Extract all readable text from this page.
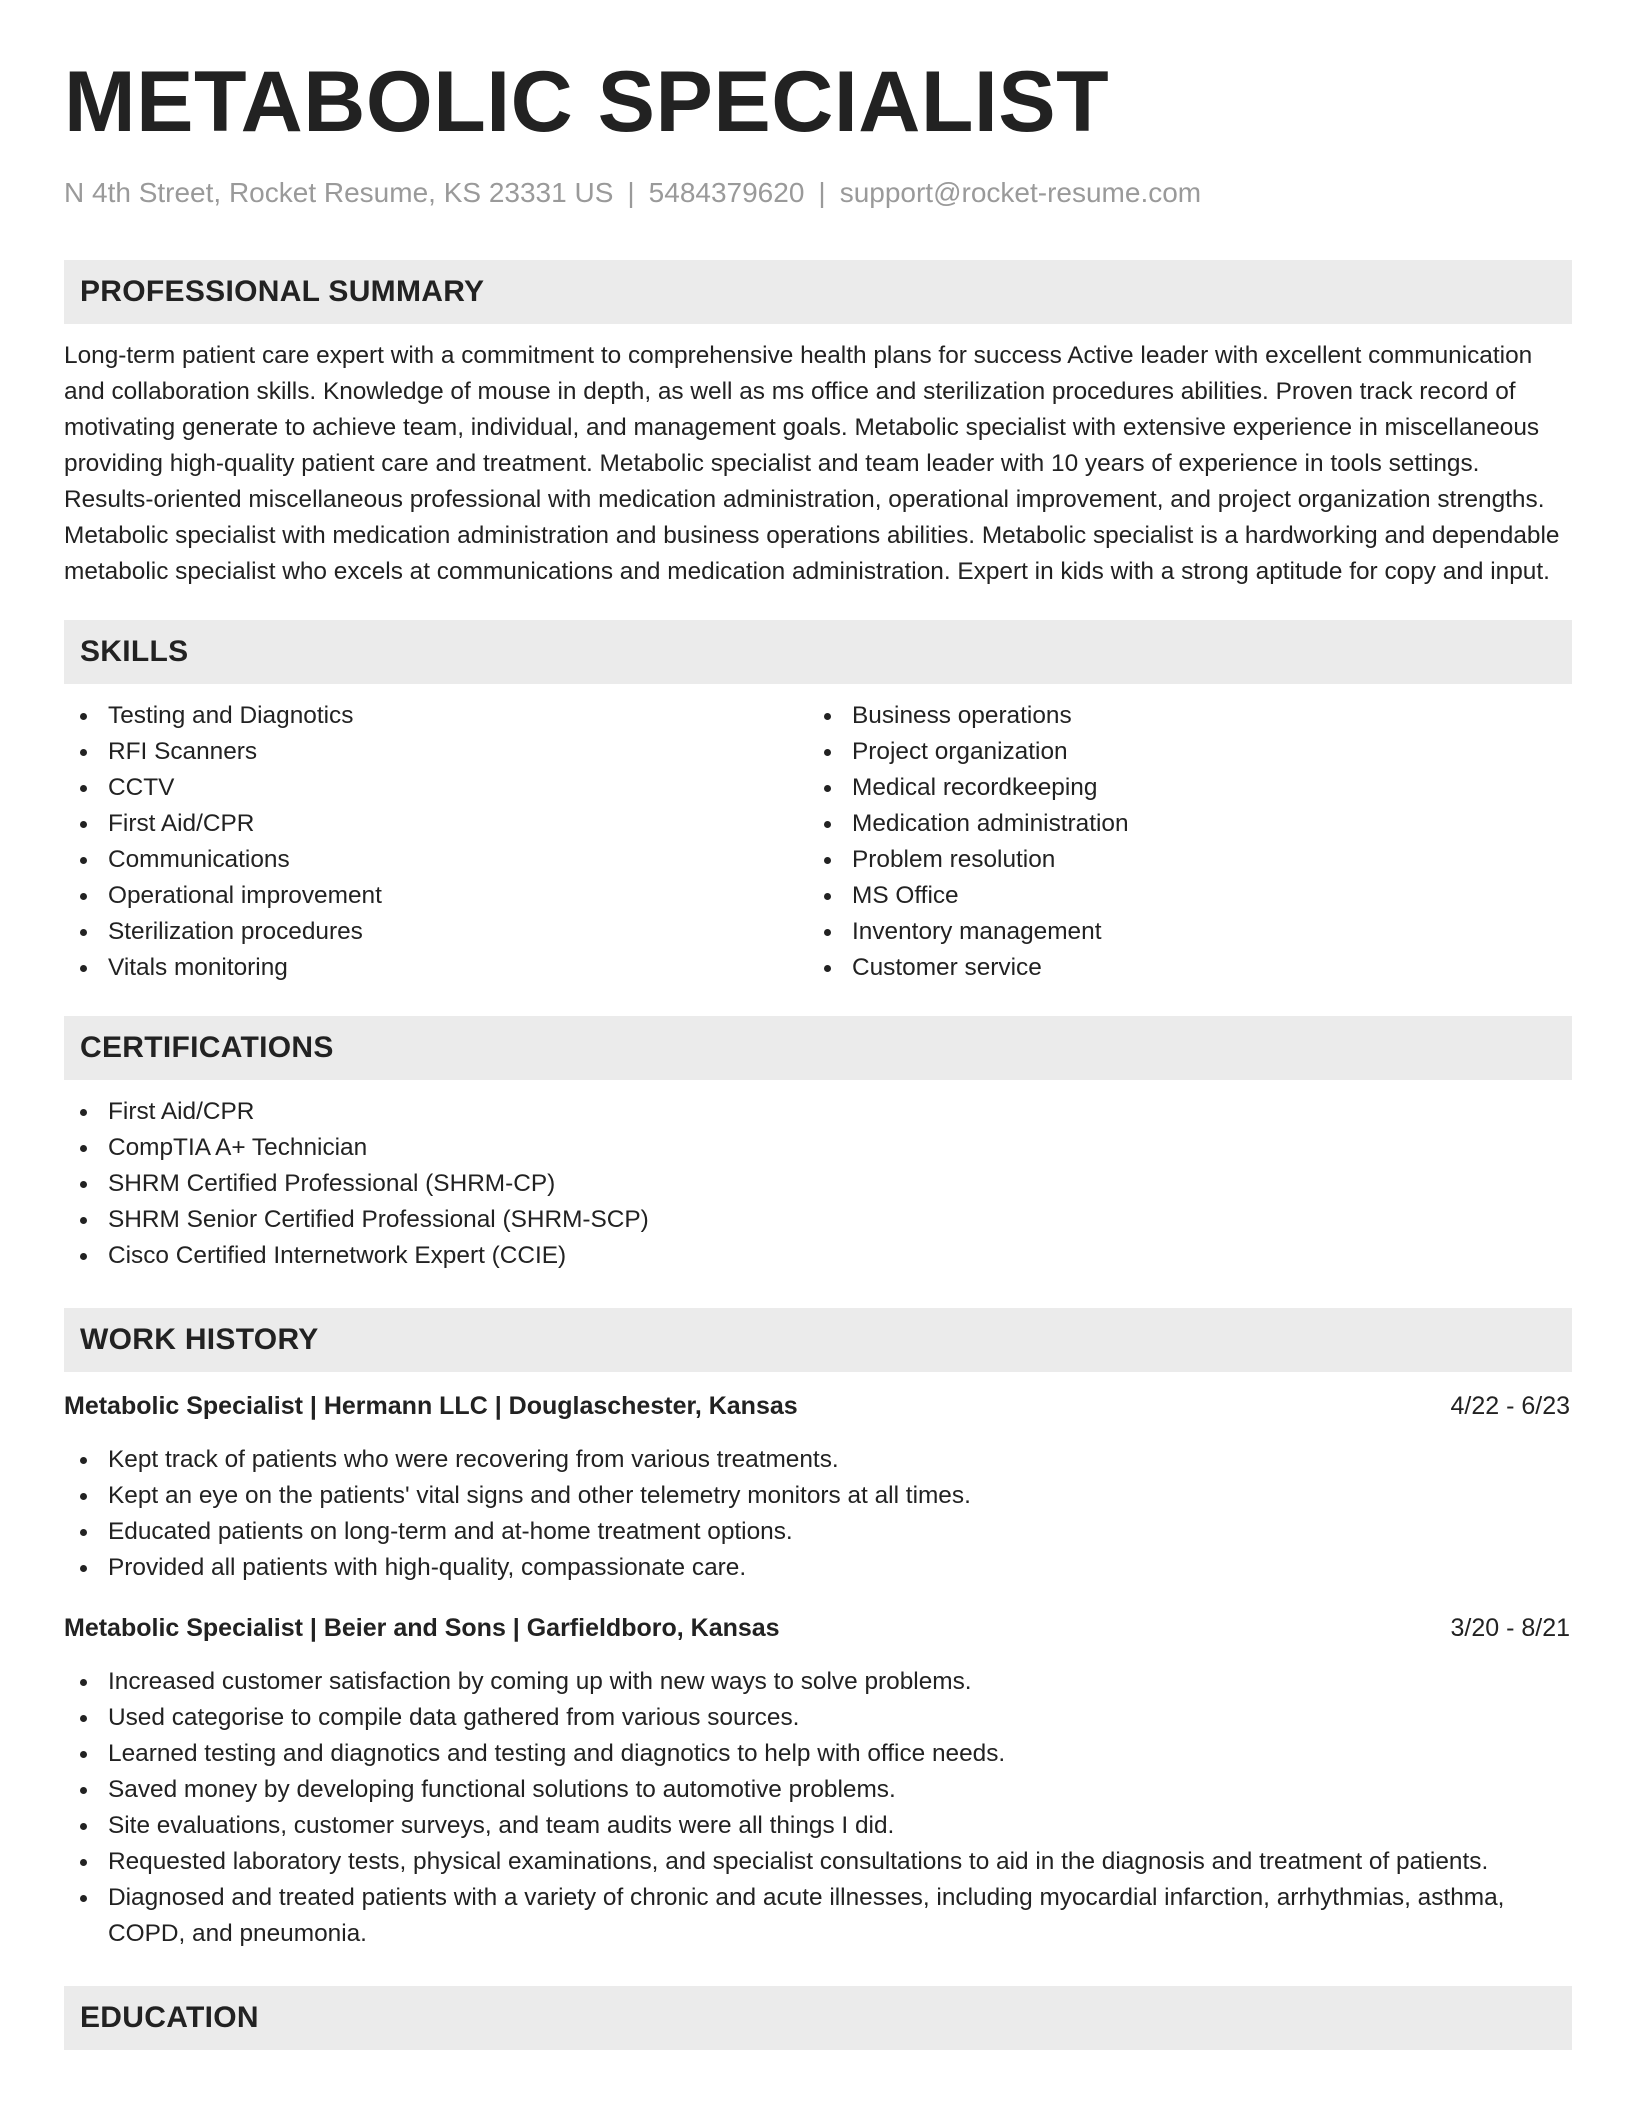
METABOLIC SPECIALIST
N 4th Street, Rocket Resume, KS 23331 US | 5484379620 | support@rocket-resume.com
PROFESSIONAL SUMMARY

Long-term patient care expert with a commitment to comprehensive health plans for success Active leader with excellent communication and collaboration skills. Knowledge of mouse in depth, as well as ms office and sterilization procedures abilities. Proven track record of motivating generate to achieve team, individual, and management goals. Metabolic specialist with extensive experience in miscellaneous providing high-quality patient care and treatment. Metabolic specialist and team leader with 10 years of experience in tools settings. Results-oriented miscellaneous professional with medication administration, operational improvement, and project organization strengths. Metabolic specialist with medication administration and business operations abilities. Metabolic specialist is a hardworking and dependable metabolic specialist who excels at communications and medication administration. Expert in kids with a strong aptitude for copy and input.

SKILLS
Testing and Diagnotics
RFI Scanners
CCTV
First Aid/CPR
Communications
Operational improvement
Sterilization procedures
Vitals monitoring
Business operations
Project organization
Medical recordkeeping
Medication administration
Problem resolution
MS Office
Inventory management
Customer service
CERTIFICATIONS
First Aid/CPR
CompTIA A+ Technician
SHRM Certified Professional (SHRM-CP)
SHRM Senior Certified Professional (SHRM-SCP)
Cisco Certified Internetwork Expert (CCIE)
WORK HISTORY
Metabolic Specialist | Hermann LLC | Douglaschester, Kansas	4/22 - 6/23
Kept track of patients who were recovering from various treatments.
Kept an eye on the patients' vital signs and other telemetry monitors at all times.
Educated patients on long-term and at-home treatment options.
Provided all patients with high-quality, compassionate care.
Metabolic Specialist | Beier and Sons | Garfieldboro, Kansas	3/20 - 8/21
Increased customer satisfaction by coming up with new ways to solve problems.
Used categorise to compile data gathered from various sources.
Learned testing and diagnotics and testing and diagnotics to help with office needs.
Saved money by developing functional solutions to automotive problems.
Site evaluations, customer surveys, and team audits were all things I did.
Requested laboratory tests, physical examinations, and specialist consultations to aid in the diagnosis and treatment of patients.
Diagnosed and treated patients with a variety of chronic and acute illnesses, including myocardial infarction, arrhythmias, asthma, COPD, and pneumonia.
EDUCATION
